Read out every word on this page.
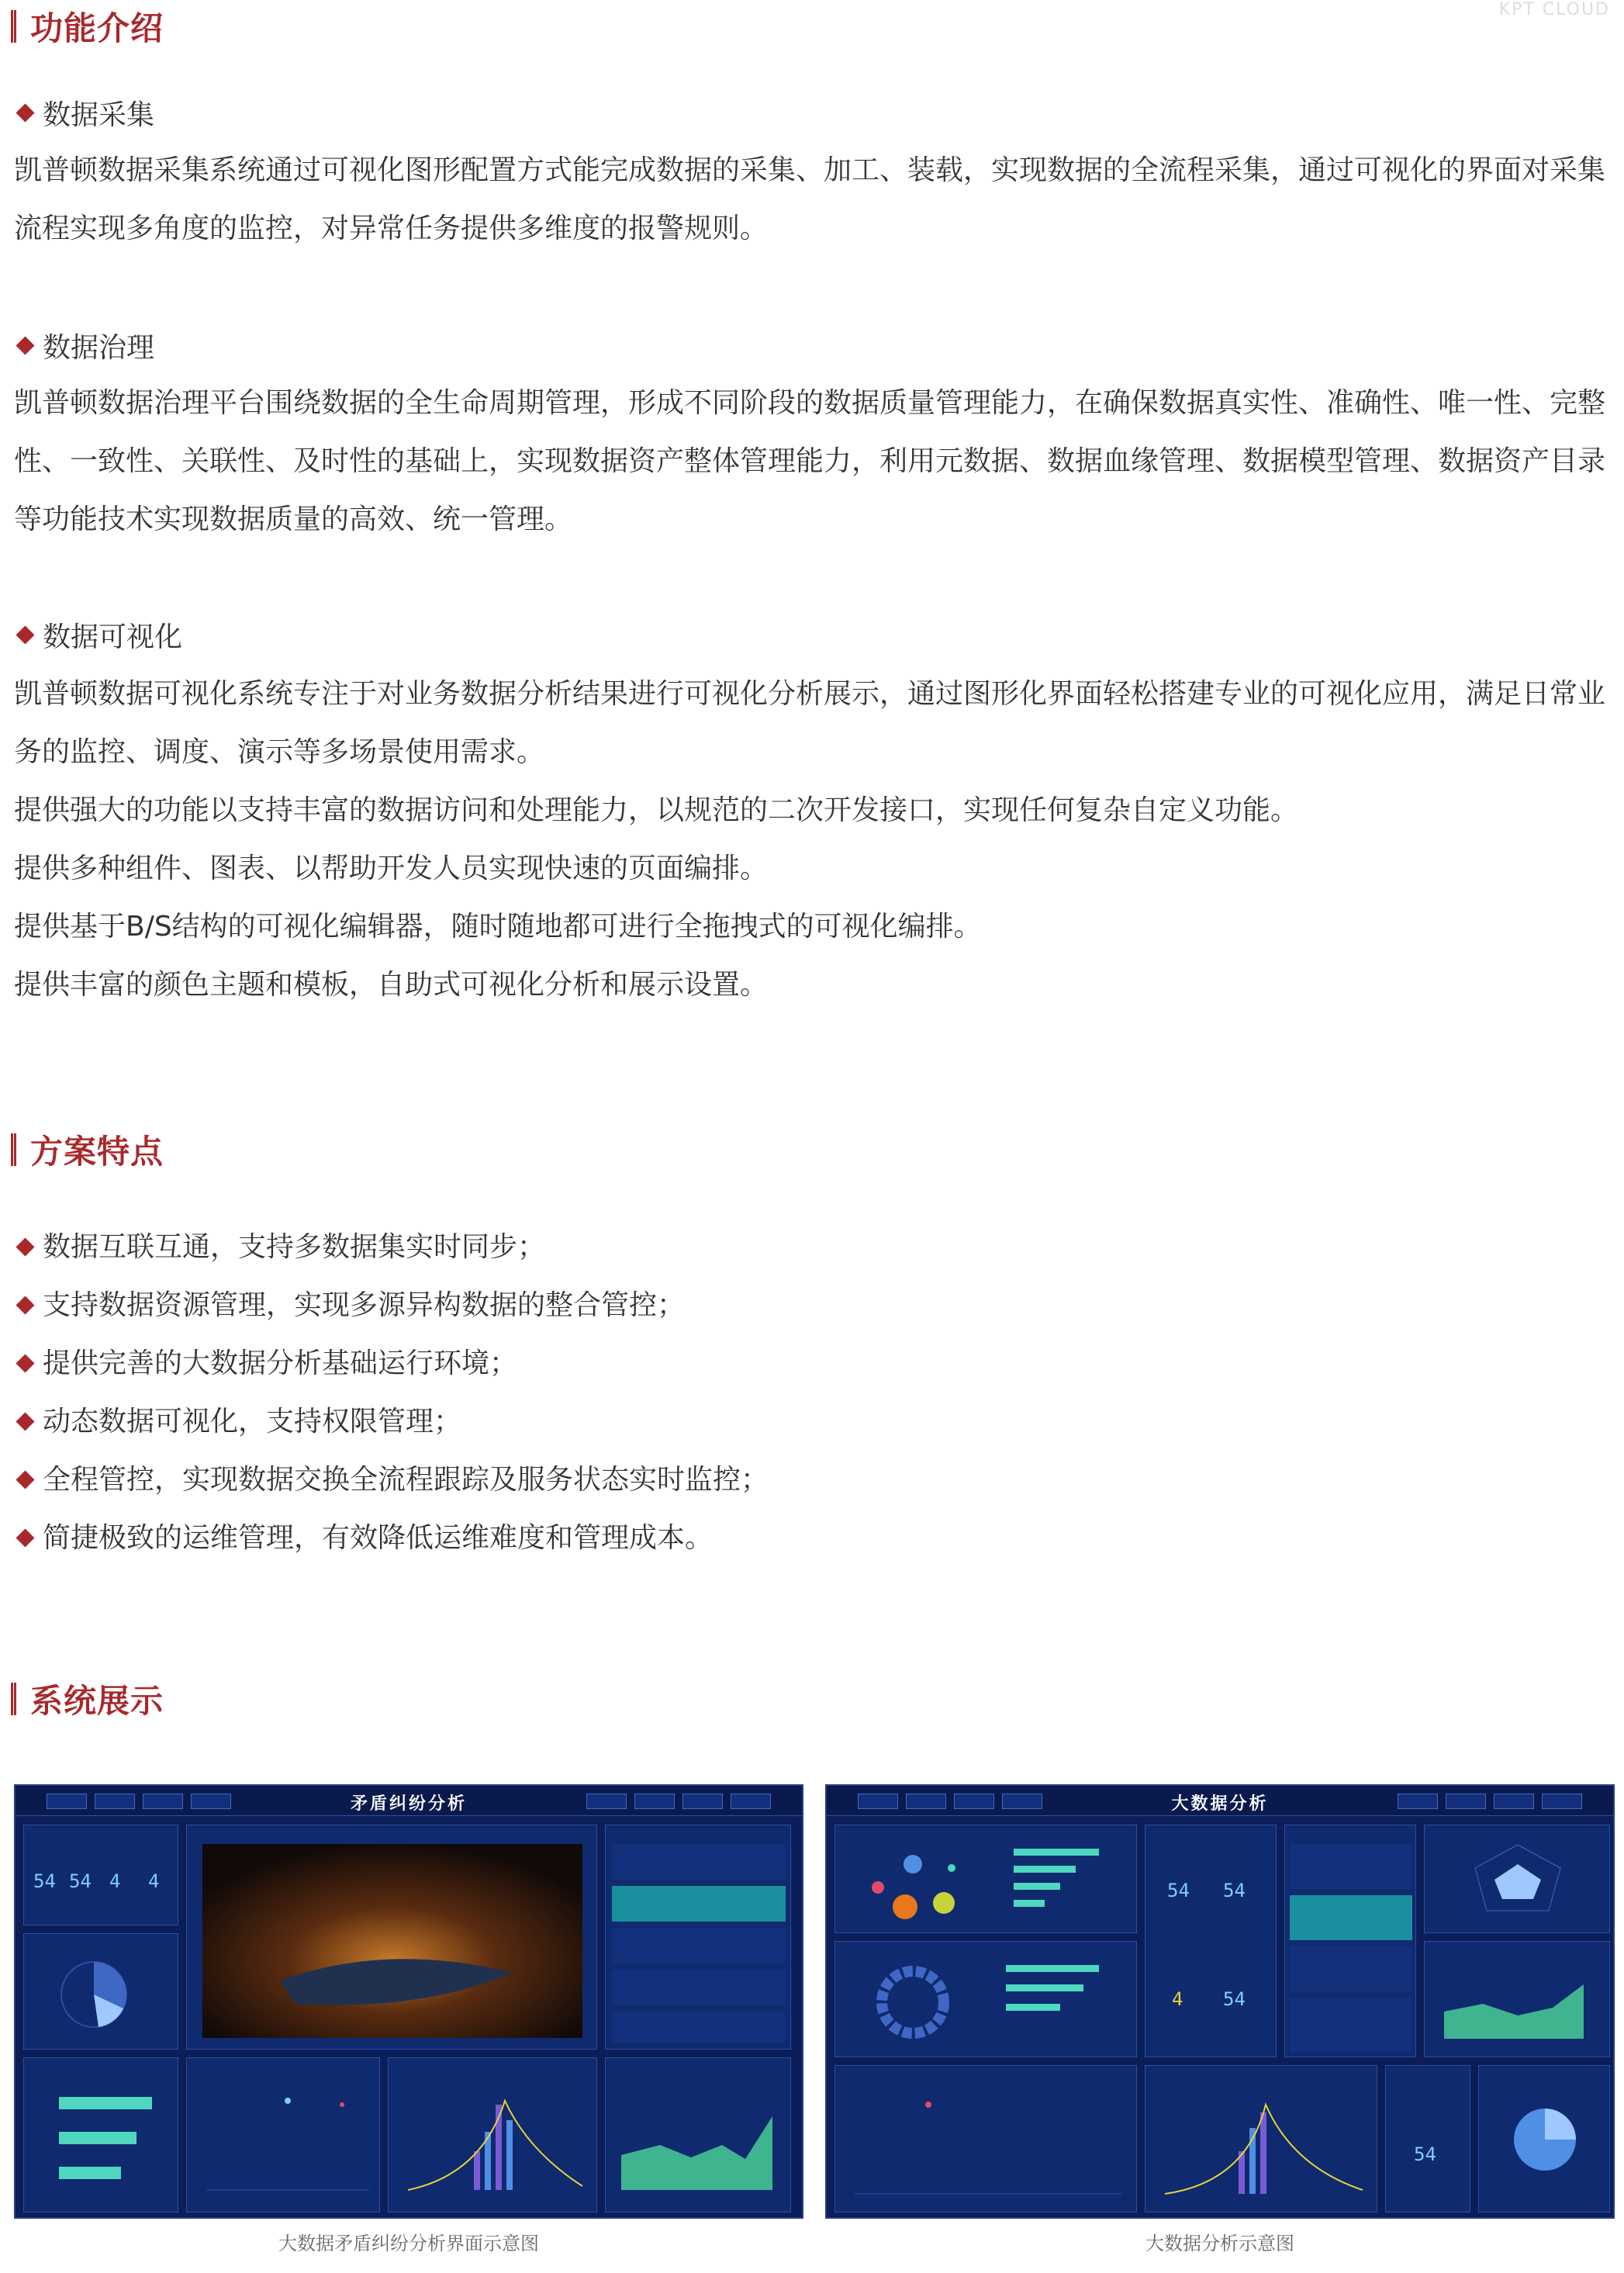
KPT CLOUD
功能介绍
数据采集

凯普顿数据采集系统通过可视化图形配置方式能完成数据的采集、加工、装载，实现数据的全流程采集，通过可视化的界面对采集流程实现多角度的监控，对异常任务提供多维度的报警规则。

数据治理

凯普顿数据治理平台围绕数据的全生命周期管理，形成不同阶段的数据质量管理能力，在确保数据真实性、准确性、唯一性、完整性、一致性、关联性、及时性的基础上，实现数据资产整体管理能力，利用元数据、数据血缘管理、数据模型管理、数据资产目录等功能技术实现数据质量的高效、统一管理。

数据可视化

凯普顿数据可视化系统专注于对业务数据分析结果进行可视化分析展示，通过图形化界面轻松搭建专业的可视化应用，满足日常业务的监控、调度、演示等多场景使用需求。

提供强大的功能以支持丰富的数据访问和处理能力，以规范的二次开发接口，实现任何复杂自定义功能。

提供多种组件、图表、以帮助开发人员实现快速的页面编排。

提供基于B/S结构的可视化编辑器，随时随地都可进行全拖拽式的可视化编排。

提供丰富的颜色主题和模板，自助式可视化分析和展示设置。

方案特点
数据互联互通，支持多数据集实时同步；
支持数据资源管理，实现多源异构数据的整合管控；
提供完善的大数据分析基础运行环境；
动态数据可视化，支持权限管理；
全程管控，实现数据交换全流程跟踪及服务状态实时监控；
简捷极致的运维管理，有效降低运维难度和管理成本。
系统展示
矛盾纠纷分析
54 54 4 4
大数据分析
54 54
4 54
54
大数据矛盾纠纷分析界面示意图	大数据分析示意图
